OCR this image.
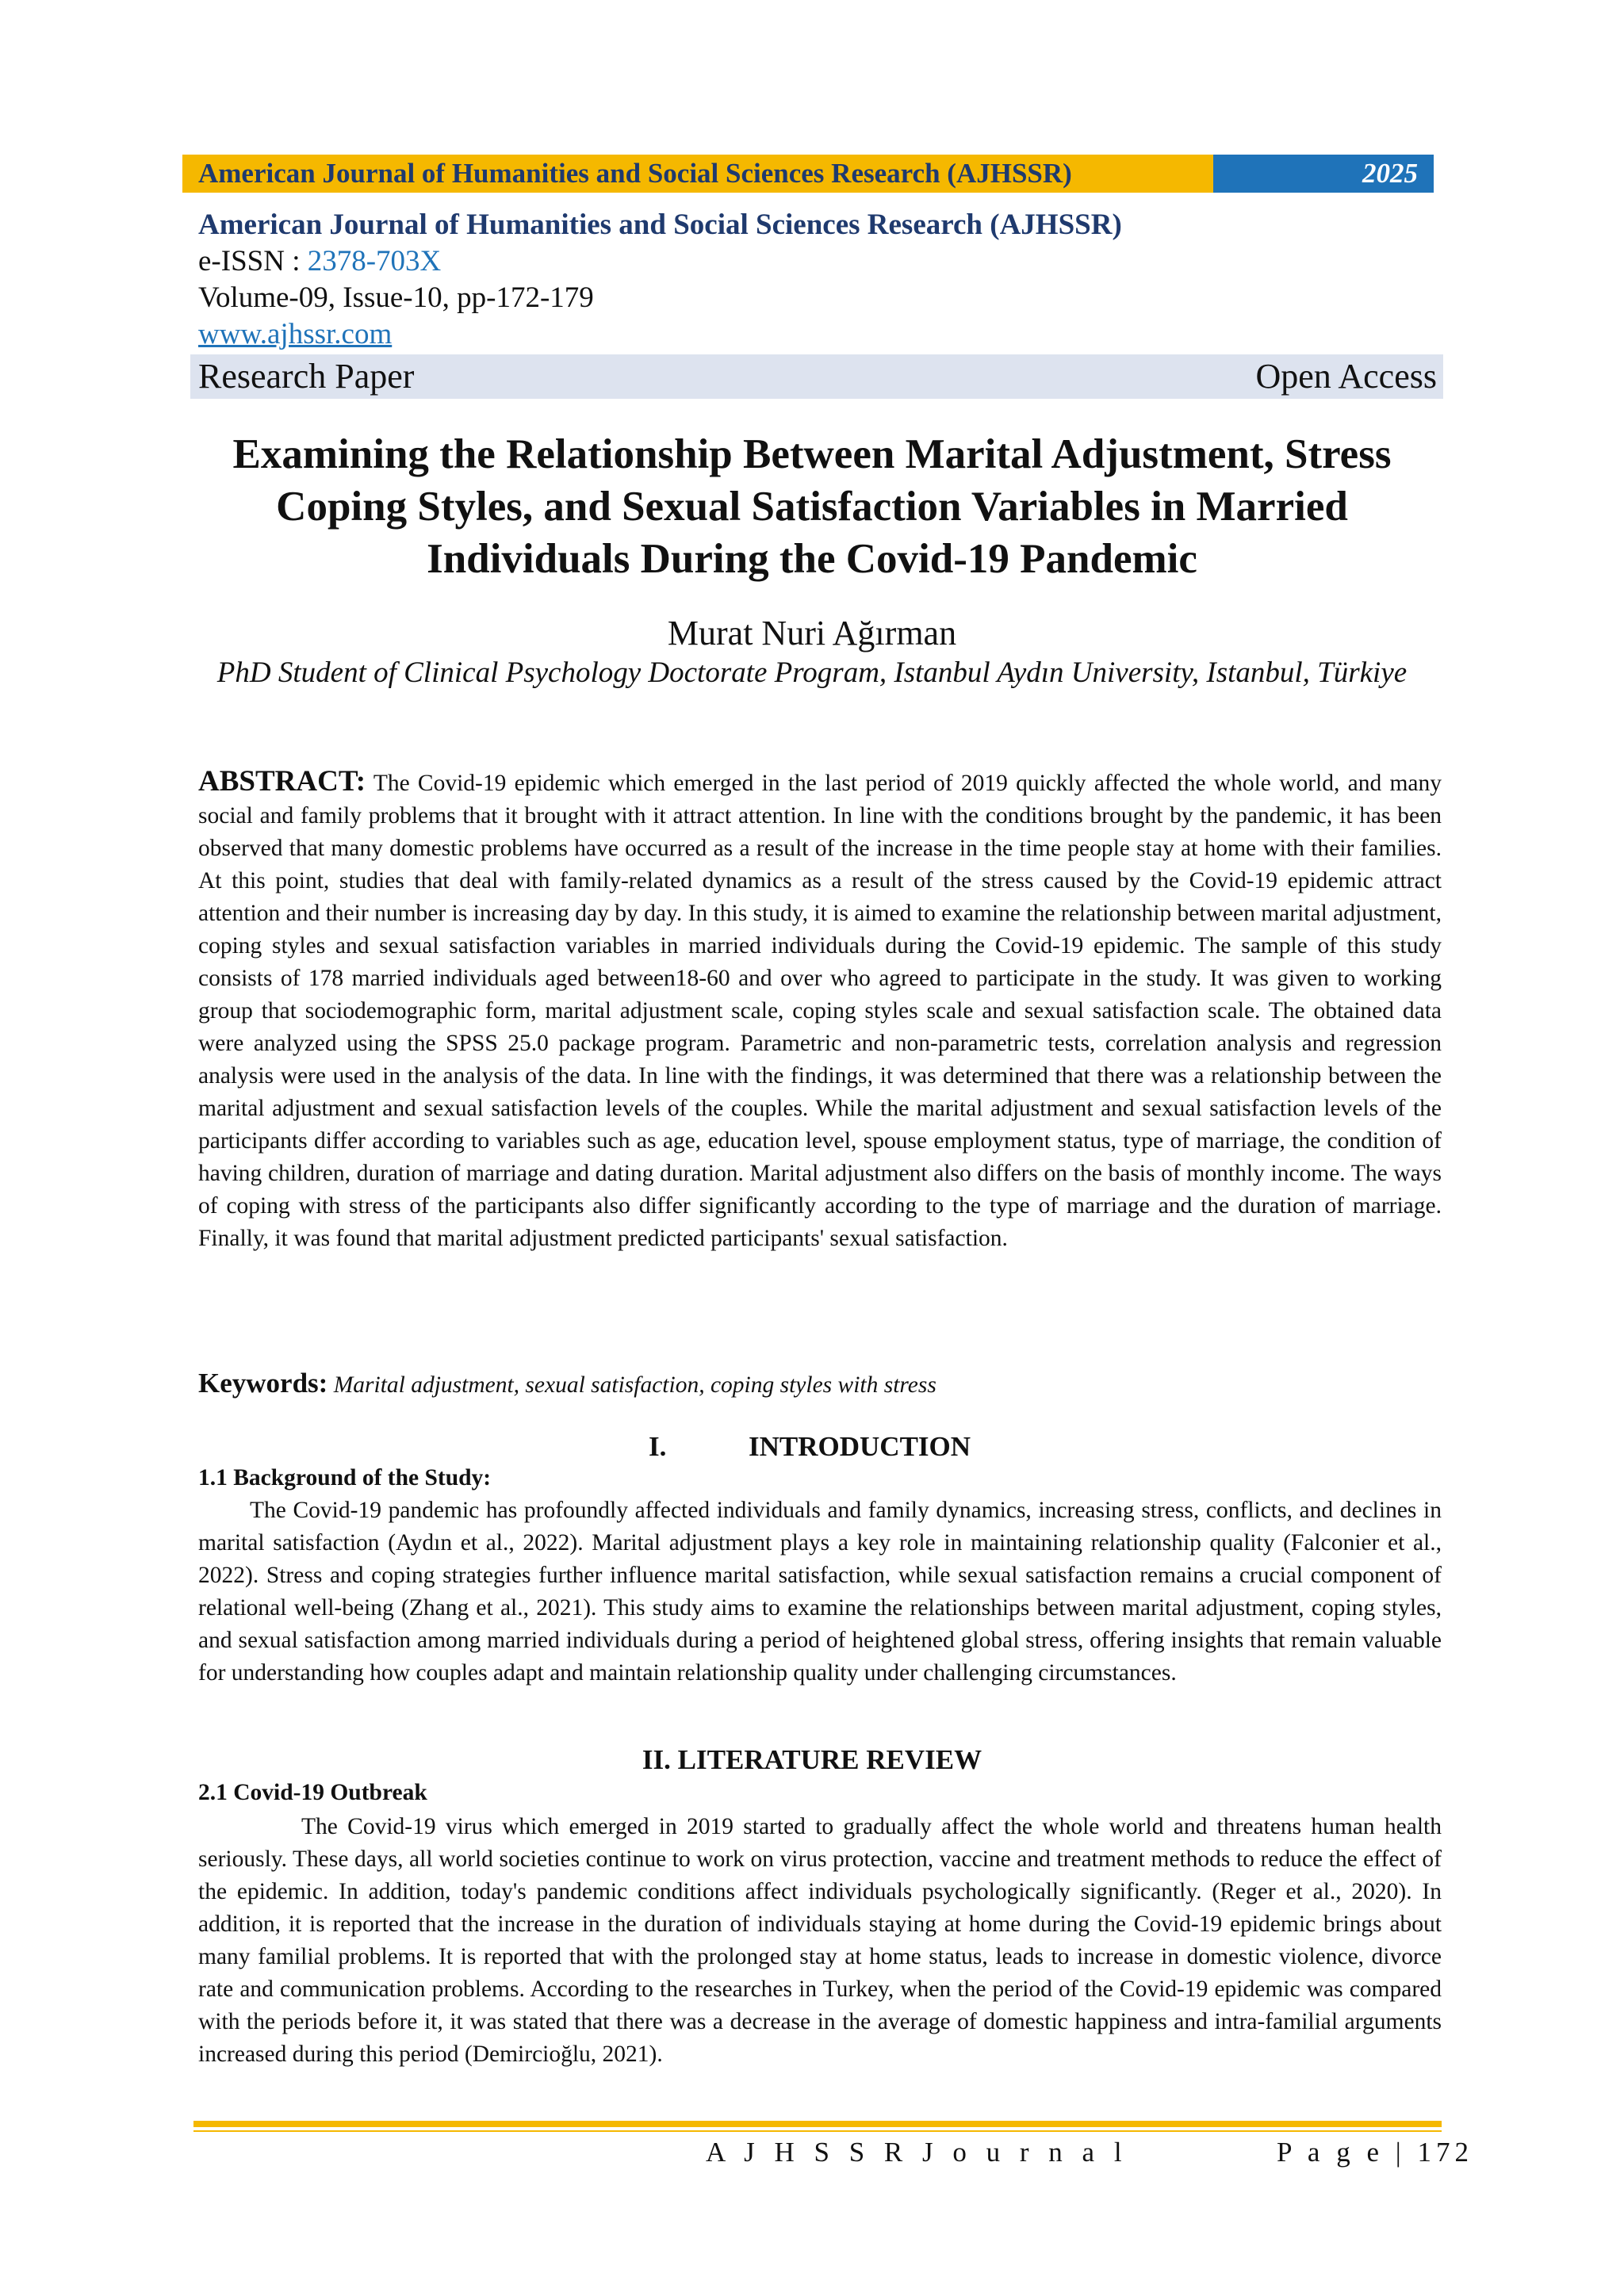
American Journal of Humanities and Social Sciences Research (AJHSSR)	2025
American Journal of Humanities and Social Sciences Research (AJHSSR)
e-ISSN : 2378-703X
Volume-09, Issue-10, pp-172-179
www.ajhssr.com
Research Paper	Open Access
Examining the Relationship Between Marital Adjustment, Stress Coping Styles, and Sexual Satisfaction Variables in Married Individuals During the Covid-19 Pandemic
Murat Nuri Ağırman
PhD Student of Clinical Psychology Doctorate Program, Istanbul Aydın University, Istanbul, Türkiye
ABSTRACT: The Covid-19 epidemic which emerged in the last period of 2019 quickly affected the whole world, and many social and family problems that it brought with it attract attention. In line with the conditions brought by the pandemic, it has been observed that many domestic problems have occurred as a result of the increase in the time people stay at home with their families. At this point, studies that deal with family-related dynamics as a result of the stress caused by the Covid-19 epidemic attract attention and their number is increasing day by day. In this study, it is aimed to examine the relationship between marital adjustment, coping styles and sexual satisfaction variables in married individuals during the Covid-19 epidemic. The sample of this study consists of 178 married individuals aged between18-60 and over who agreed to participate in the study. It was given to working group that sociodemographic form, marital adjustment scale, coping styles scale and sexual satisfaction scale. The obtained data were analyzed using the SPSS 25.0 package program. Parametric and non-parametric tests, correlation analysis and regression analysis were used in the analysis of the data. In line with the findings, it was determined that there was a relationship between the marital adjustment and sexual satisfaction levels of the couples. While the marital adjustment and sexual satisfaction levels of the participants differ according to variables such as age, education level, spouse employment status, type of marriage, the condition of having children, duration of marriage and dating duration. Marital adjustment also differs on the basis of monthly income. The ways of coping with stress of the participants also differ significantly according to the type of marriage and the duration of marriage. Finally, it was found that marital adjustment predicted participants' sexual satisfaction.
Keywords: Marital adjustment, sexual satisfaction, coping styles with stress
I.	INTRODUCTION
1.1 Background of the Study:
The Covid-19 pandemic has profoundly affected individuals and family dynamics, increasing stress, conflicts, and declines in marital satisfaction (Aydın et al., 2022). Marital adjustment plays a key role in maintaining relationship quality (Falconier et al., 2022). Stress and coping strategies further influence marital satisfaction, while sexual satisfaction remains a crucial component of relational well-being (Zhang et al., 2021). This study aims to examine the relationships between marital adjustment, coping styles, and sexual satisfaction among married individuals during a period of heightened global stress, offering insights that remain valuable for understanding how couples adapt and maintain relationship quality under challenging circumstances.
II. LITERATURE REVIEW
2.1 Covid-19 Outbreak
The Covid-19 virus which emerged in 2019 started to gradually affect the whole world and threatens human health seriously. These days, all world societies continue to work on virus protection, vaccine and treatment methods to reduce the effect of the epidemic. In addition, today's pandemic conditions affect individuals psychologically significantly. (Reger et al., 2020). In addition, it is reported that the increase in the duration of individuals staying at home during the Covid-19 epidemic brings about many familial problems. It is reported that with the prolonged stay at home status, leads to increase in domestic violence, divorce rate and communication problems. According to the researches in Turkey, when the period of the Covid-19 epidemic was compared with the periods before it, it was stated that there was a decrease in the average of domestic happiness and intra-familial arguments increased during this period (Demircioğlu, 2021).
A J H S S R J o u r n a l	P a g e | 172
